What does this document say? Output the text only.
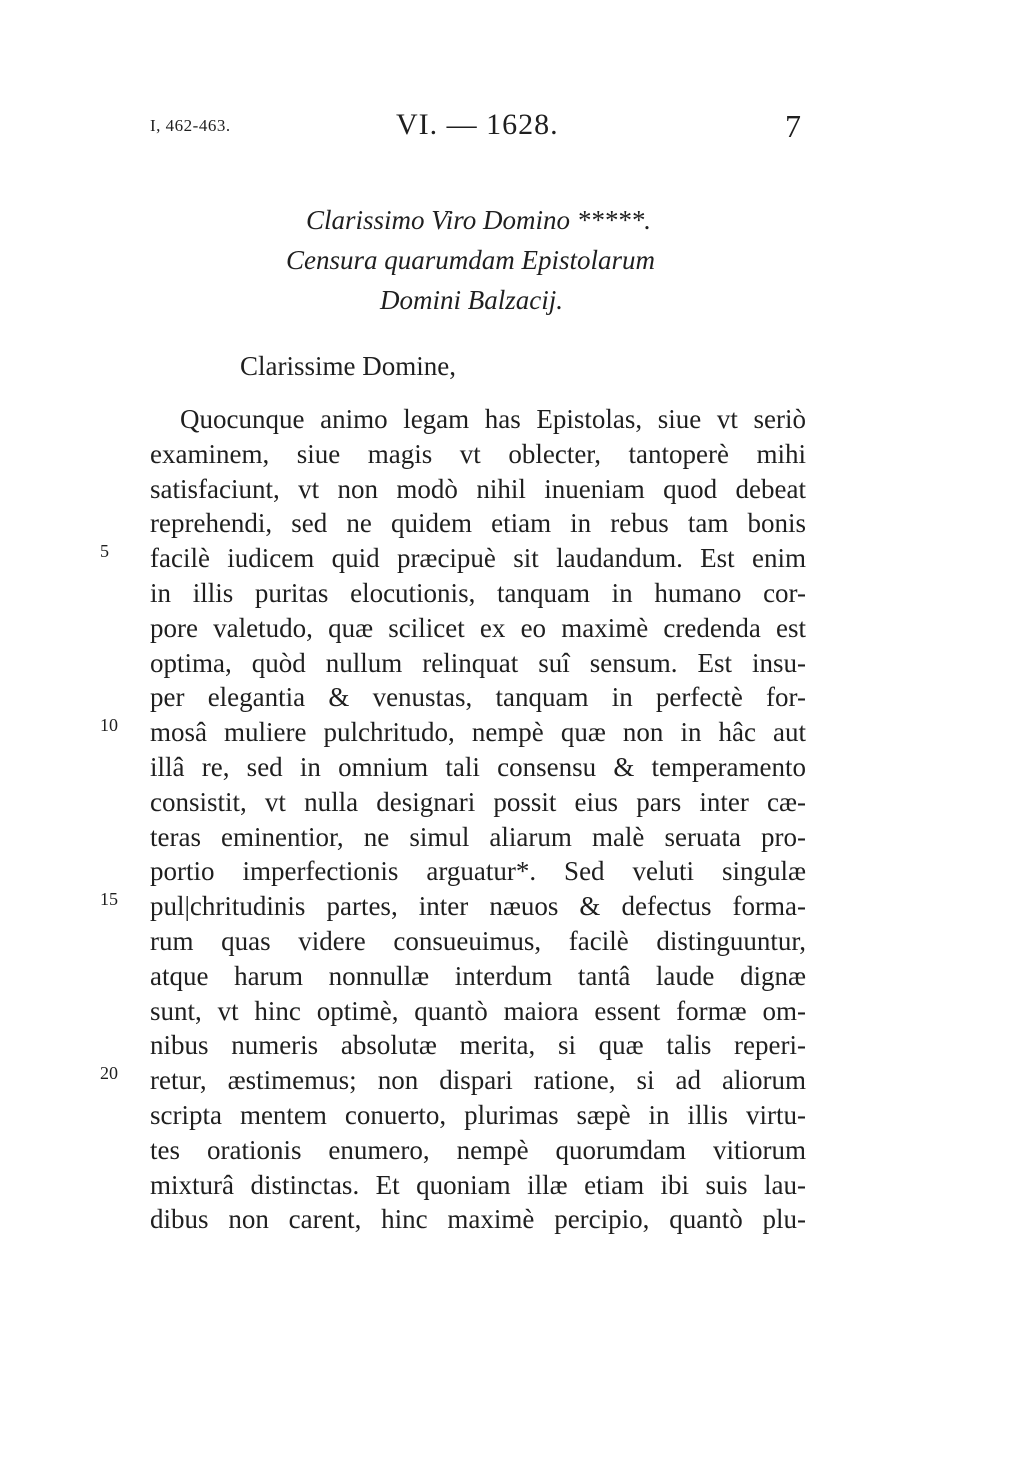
I, 462-463.	VI. — 1628.	7
Clarissimo Viro Domino *****.
Censura quarumdam Epistolarum
Domini Balzacij.
Clarissime Domine,
5
10
15
20
Quocunque animo legam has Epistolas, siue vt seriò
examinem, siue magis vt oblecter, tantoperè mihi
satisfaciunt, vt non modò nihil inueniam quod debeat
reprehendi, sed ne quidem etiam in rebus tam bonis
facilè iudicem quid præcipuè sit laudandum. Est enim
in illis puritas elocutionis, tanquam in humano cor-
pore valetudo, quæ scilicet ex eo maximè credenda est
optima, quòd nullum relinquat suî sensum. Est insu-
per elegantia & venustas, tanquam in perfectè for-
mosâ muliere pulchritudo, nempè quæ non in hâc aut
illâ re, sed in omnium tali consensu & temperamento
consistit, vt nulla designari possit eius pars inter cæ-
teras eminentior, ne simul aliarum malè seruata pro-
portio imperfectionis arguatur*. Sed veluti singulæ
pul|chritudinis partes, inter næuos & defectus forma-
rum quas videre consueuimus, facilè distinguuntur,
atque harum nonnullæ interdum tantâ laude dignæ
sunt, vt hinc optimè, quantò maiora essent formæ om-
nibus numeris absolutæ merita, si quæ talis reperi-
retur, æstimemus; non dispari ratione, si ad aliorum
scripta mentem conuerto, plurimas sæpè in illis virtu-
tes orationis enumero, nempè quorumdam vitiorum
mixturâ distinctas. Et quoniam illæ etiam ibi suis lau-
dibus non carent, hinc maximè percipio, quantò plu-
